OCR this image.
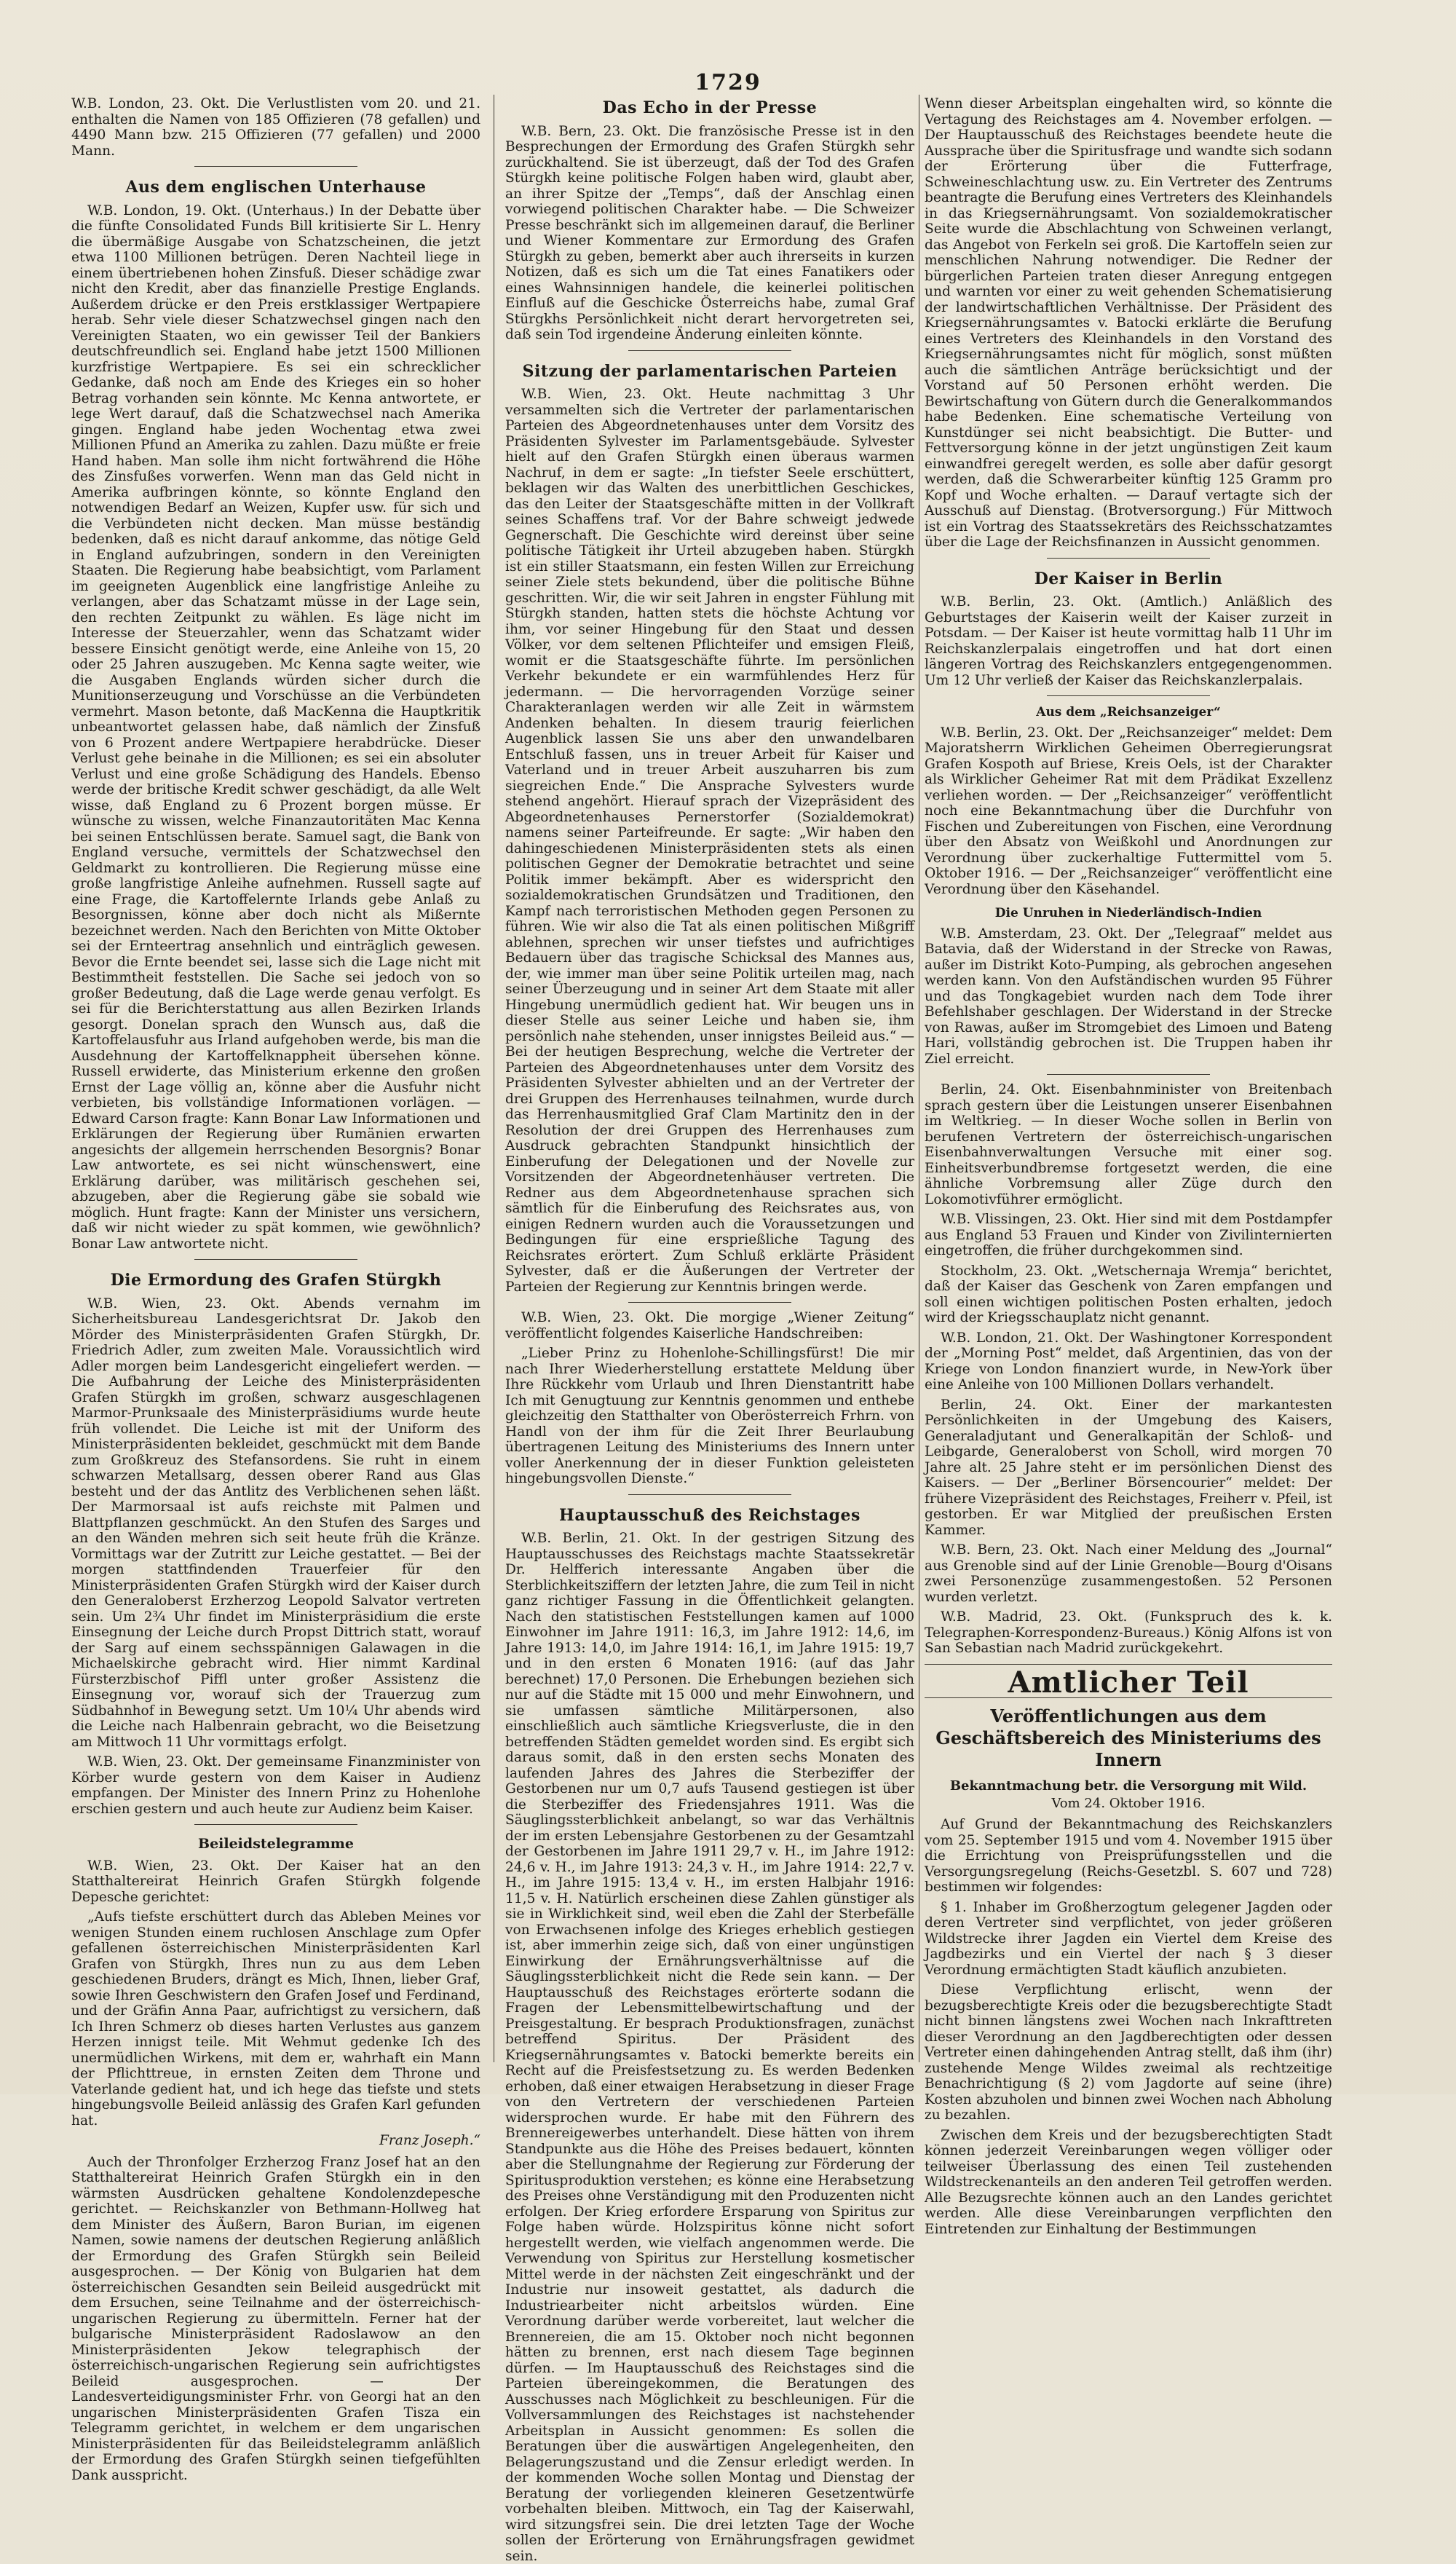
1729

W.B. London, 23. Okt. Die Verlustlisten vom 20. und 21. enthalten die Namen von 185 Offizieren (78 gefallen) und 4490 Mann bzw. 215 Offizieren (77 gefallen) und 2000 Mann.

Aus dem englischen Unterhause

W.B. London, 19. Okt. (Unterhaus.) In der Debatte über die fünfte Consolidated Funds Bill kritisierte Sir L. Henry die übermäßige Ausgabe von Schatzscheinen, die jetzt etwa 1100 Millionen betrügen. Deren Nachteil liege in einem übertriebenen hohen Zinsfuß. Dieser schädige zwar nicht den Kredit, aber das finanzielle Prestige Englands. Außerdem drücke er den Preis erstklassiger Wertpapiere herab. Sehr viele dieser Schatzwechsel gingen nach den Vereinigten Staaten, wo ein gewisser Teil der Bankiers deutschfreundlich sei. England habe jetzt 1500 Millionen kurzfristige Wertpapiere. Es sei ein schrecklicher Gedanke, daß noch am Ende des Krieges ein so hoher Betrag vorhanden sein könnte. Mc Kenna antwortete, er lege Wert darauf, daß die Schatzwechsel nach Amerika gingen. England habe jeden Wochentag etwa zwei Millionen Pfund an Amerika zu zahlen. Dazu müßte er freie Hand haben. Man solle ihm nicht fortwährend die Höhe des Zinsfußes vorwerfen. Wenn man das Geld nicht in Amerika aufbringen könnte, so könnte England den notwendigen Bedarf an Weizen, Kupfer usw. für sich und die Verbündeten nicht decken. Man müsse beständig bedenken, daß es nicht darauf ankomme, das nötige Geld in England aufzubringen, sondern in den Vereinigten Staaten. Die Regierung habe beabsichtigt, vom Parlament im geeigneten Augenblick eine langfristige Anleihe zu verlangen, aber das Schatzamt müsse in der Lage sein, den rechten Zeitpunkt zu wählen. Es läge nicht im Interesse der Steuerzahler, wenn das Schatzamt wider bessere Einsicht genötigt werde, eine Anleihe von 15, 20 oder 25 Jahren auszugeben. Mc Kenna sagte weiter, wie die Ausgaben Englands würden sicher durch die Munitionserzeugung und Vorschüsse an die Verbündeten vermehrt. Mason betonte, daß MacKenna die Hauptkritik unbeantwortet gelassen habe, daß nämlich der Zinsfuß von 6 Prozent andere Wertpapiere herabdrücke. Dieser Verlust gehe beinahe in die Millionen; es sei ein absoluter Verlust und eine große Schädigung des Handels. Ebenso werde der britische Kredit schwer geschädigt, da alle Welt wisse, daß England zu 6 Prozent borgen müsse. Er wünsche zu wissen, welche Finanzautoritäten Mac Kenna bei seinen Entschlüssen berate. Samuel sagt, die Bank von England versuche, vermittels der Schatzwechsel den Geldmarkt zu kontrollieren. Die Regierung müsse eine große langfristige Anleihe aufnehmen. Russell sagte auf eine Frage, die Kartoffelernte Irlands gebe Anlaß zu Besorgnissen, könne aber doch nicht als Mißernte bezeichnet werden. Nach den Berichten von Mitte Oktober sei der Ernteertrag ansehnlich und einträglich gewesen. Bevor die Ernte beendet sei, lasse sich die Lage nicht mit Bestimmtheit feststellen. Die Sache sei jedoch von so großer Bedeutung, daß die Lage werde genau verfolgt. Es sei für die Berichterstattung aus allen Bezirken Irlands gesorgt. Donelan sprach den Wunsch aus, daß die Kartoffelausfuhr aus Irland aufgehoben werde, bis man die Ausdehnung der Kartoffelknappheit übersehen könne. Russell erwiderte, das Ministerium erkenne den großen Ernst der Lage völlig an, könne aber die Ausfuhr nicht verbieten, bis vollständige Informationen vorlägen. — Edward Carson fragte: Kann Bonar Law Informationen und Erklärungen der Regierung über Rumänien erwarten angesichts der allgemein herrschenden Besorgnis? Bonar Law antwortete, es sei nicht wünschenswert, eine Erklärung darüber, was militärisch geschehen sei, abzugeben, aber die Regierung gäbe sie sobald wie möglich. Hunt fragte: Kann der Minister uns versichern, daß wir nicht wieder zu spät kommen, wie gewöhnlich? Bonar Law antwortete nicht.

Die Ermordung des Grafen Stürgkh

W.B. Wien, 23. Okt. Abends vernahm im Sicherheitsbureau Landesgerichtsrat Dr. Jakob den Mörder des Ministerpräsidenten Grafen Stürgkh, Dr. Friedrich Adler, zum zweiten Male. Voraussichtlich wird Adler morgen beim Landesgericht eingeliefert werden. — Die Aufbahrung der Leiche des Ministerpräsidenten Grafen Stürgkh im großen, schwarz ausgeschlagenen Marmor-Prunksaale des Ministerpräsidiums wurde heute früh vollendet. Die Leiche ist mit der Uniform des Ministerpräsidenten bekleidet, geschmückt mit dem Bande zum Großkreuz des Stefansordens. Sie ruht in einem schwarzen Metallsarg, dessen oberer Rand aus Glas besteht und der das Antlitz des Verblichenen sehen läßt. Der Marmorsaal ist aufs reichste mit Palmen und Blattpflanzen geschmückt. An den Stufen des Sarges und an den Wänden mehren sich seit heute früh die Kränze. Vormittags war der Zutritt zur Leiche gestattet. — Bei der morgen stattfindenden Trauerfeier für den Ministerpräsidenten Grafen Stürgkh wird der Kaiser durch den Generaloberst Erzherzog Leopold Salvator vertreten sein. Um 2¾ Uhr findet im Ministerpräsidium die erste Einsegnung der Leiche durch Propst Dittrich statt, worauf der Sarg auf einem sechsspännigen Galawagen in die Michaelskirche gebracht wird. Hier nimmt Kardinal Fürsterzbischof Piffl unter großer Assistenz die Einsegnung vor, worauf sich der Trauerzug zum Südbahnhof in Bewegung setzt. Um 10¼ Uhr abends wird die Leiche nach Halbenrain gebracht, wo die Beisetzung am Mittwoch 11 Uhr vormittags erfolgt.

W.B. Wien, 23. Okt. Der gemeinsame Finanzminister von Körber wurde gestern von dem Kaiser in Audienz empfangen. Der Minister des Innern Prinz zu Hohenlohe erschien gestern und auch heute zur Audienz beim Kaiser.

Beileidstelegramme

W.B. Wien, 23. Okt. Der Kaiser hat an den Statthaltereirat Heinrich Grafen Stürgkh folgende Depesche gerichtet:

„Aufs tiefste erschüttert durch das Ableben Meines vor wenigen Stunden einem ruchlosen Anschlage zum Opfer gefallenen österreichischen Ministerpräsidenten Karl Grafen von Stürgkh, Ihres nun zu aus dem Leben geschiedenen Bruders, drängt es Mich, Ihnen, lieber Graf, sowie Ihren Geschwistern den Grafen Josef und Ferdinand, und der Gräfin Anna Paar, aufrichtigst zu versichern, daß Ich Ihren Schmerz ob dieses harten Verlustes aus ganzem Herzen innigst teile. Mit Wehmut gedenke Ich des unermüdlichen Wirkens, mit dem er, wahrhaft ein Mann der Pflichttreue, in ernsten Zeiten dem Throne und Vaterlande gedient hat, und ich hege das tiefste und stets hingebungsvolle Beileid anlässig des Grafen Karl gefunden hat.

Franz Joseph.“

Auch der Thronfolger Erzherzog Franz Josef hat an den Statthaltereirat Heinrich Grafen Stürgkh ein in den wärmsten Ausdrücken gehaltene Kondolenzdepesche gerichtet. — Reichskanzler von Bethmann-Hollweg hat dem Minister des Äußern, Baron Burian, im eigenen Namen, sowie namens der deutschen Regierung anläßlich der Ermordung des Grafen Stürgkh sein Beileid ausgesprochen. — Der König von Bulgarien hat dem österreichischen Gesandten sein Beileid ausgedrückt mit dem Ersuchen, seine Teilnahme and der österreichisch-ungarischen Regierung zu übermitteln. Ferner hat der bulgarische Ministerpräsident Radoslawow an den Ministerpräsidenten Jekow telegraphisch der österreichisch-ungarischen Regierung sein aufrichtigstes Beileid ausgesprochen. — Der Landesverteidigungsminister Frhr. von Georgi hat an den ungarischen Ministerpräsidenten Grafen Tisza ein Telegramm gerichtet, in welchem er dem ungarischen Ministerpräsidenten für das Beileidstelegramm anläßlich der Ermordung des Grafen Stürgkh seinen tiefgefühlten Dank ausspricht.

Das Echo in der Presse

W.B. Bern, 23. Okt. Die französische Presse ist in den Besprechungen der Ermordung des Grafen Stürgkh sehr zurückhaltend. Sie ist überzeugt, daß der Tod des Grafen Stürgkh keine politische Folgen haben wird, glaubt aber, an ihrer Spitze der „Temps“, daß der Anschlag einen vorwiegend politischen Charakter habe. — Die Schweizer Presse beschränkt sich im allgemeinen darauf, die Berliner und Wiener Kommentare zur Ermordung des Grafen Stürgkh zu geben, bemerkt aber auch ihrerseits in kurzen Notizen, daß es sich um die Tat eines Fanatikers oder eines Wahnsinnigen handele, die keinerlei politischen Einfluß auf die Geschicke Österreichs habe, zumal Graf Stürgkhs Persönlichkeit nicht derart hervorgetreten sei, daß sein Tod irgendeine Änderung einleiten könnte.

Sitzung der parlamentarischen Parteien

W.B. Wien, 23. Okt. Heute nachmittag 3 Uhr versammelten sich die Vertreter der parlamentarischen Parteien des Abgeordnetenhauses unter dem Vorsitz des Präsidenten Sylvester im Parlamentsgebäude. Sylvester hielt auf den Grafen Stürgkh einen überaus warmen Nachruf, in dem er sagte: „In tiefster Seele erschüttert, beklagen wir das Walten des unerbittlichen Geschickes, das den Leiter der Staatsgeschäfte mitten in der Vollkraft seines Schaffens traf. Vor der Bahre schweigt jedwede Gegnerschaft. Die Geschichte wird dereinst über seine politische Tätigkeit ihr Urteil abzugeben haben. Stürgkh ist ein stiller Staatsmann, ein festen Willen zur Erreichung seiner Ziele stets bekundend, über die politische Bühne geschritten. Wir, die wir seit Jahren in engster Fühlung mit Stürgkh standen, hatten stets die höchste Achtung vor ihm, vor seiner Hingebung für den Staat und dessen Völker, vor dem seltenen Pflichteifer und emsigen Fleiß, womit er die Staatsgeschäfte führte. Im persönlichen Verkehr bekundete er ein warmfühlendes Herz für jedermann. — Die hervorragenden Vorzüge seiner Charakteranlagen werden wir alle Zeit in wärmstem Andenken behalten. In diesem traurig feierlichen Augenblick lassen Sie uns aber den unwandelbaren Entschluß fassen, uns in treuer Arbeit für Kaiser und Vaterland und in treuer Arbeit auszuharren bis zum siegreichen Ende.“ Die Ansprache Sylvesters wurde stehend angehört. Hierauf sprach der Vizepräsident des Abgeordnetenhauses Pernerstorfer (Sozialdemokrat) namens seiner Parteifreunde. Er sagte: „Wir haben den dahingeschiedenen Ministerpräsidenten stets als einen politischen Gegner der Demokratie betrachtet und seine Politik immer bekämpft. Aber es widerspricht den sozialdemokratischen Grundsätzen und Traditionen, den Kampf nach terroristischen Methoden gegen Personen zu führen. Wie wir also die Tat als einen politischen Mißgriff ablehnen, sprechen wir unser tiefstes und aufrichtiges Bedauern über das tragische Schicksal des Mannes aus, der, wie immer man über seine Politik urteilen mag, nach seiner Überzeugung und in seiner Art dem Staate mit aller Hingebung unermüdlich gedient hat. Wir beugen uns in dieser Stelle aus seiner Leiche und haben sie, ihm persönlich nahe stehenden, unser innigstes Beileid aus.“ — Bei der heutigen Besprechung, welche die Vertreter der Parteien des Abgeordnetenhauses unter dem Vorsitz des Präsidenten Sylvester abhielten und an der Vertreter der drei Gruppen des Herrenhauses teilnahmen, wurde durch das Herrenhausmitglied Graf Clam Martinitz den in der Resolution der drei Gruppen des Herrenhauses zum Ausdruck gebrachten Standpunkt hinsichtlich der Einberufung der Delegationen und der Novelle zur Vorsitzenden der Abgeordnetenhäuser vertreten. Die Redner aus dem Abgeordnetenhause sprachen sich sämtlich für die Einberufung des Reichsrates aus, von einigen Rednern wurden auch die Voraussetzungen und Bedingungen für eine ersprießliche Tagung des Reichsrates erörtert. Zum Schluß erklärte Präsident Sylvester, daß er die Äußerungen der Vertreter der Parteien der Regierung zur Kenntnis bringen werde.

W.B. Wien, 23. Okt. Die morgige „Wiener Zeitung“ veröffentlicht folgendes Kaiserliche Handschreiben:

„Lieber Prinz zu Hohenlohe-Schillingsfürst! Die mir nach Ihrer Wiederherstellung erstattete Meldung über Ihre Rückkehr vom Urlaub und Ihren Dienstantritt habe Ich mit Genugtuung zur Kenntnis genommen und enthebe gleichzeitig den Statthalter von Oberösterreich Frhrn. von Handl von der ihm für die Zeit Ihrer Beurlaubung übertragenen Leitung des Ministeriums des Innern unter voller Anerkennung der in dieser Funktion geleisteten hingebungsvollen Dienste.“

Hauptausschuß des Reichstages

W.B. Berlin, 21. Okt. In der gestrigen Sitzung des Hauptausschusses des Reichstags machte Staatssekretär Dr. Helfferich interessante Angaben über die Sterblichkeitsziffern der letzten Jahre, die zum Teil in nicht ganz richtiger Fassung in die Öffentlichkeit gelangten. Nach den statistischen Feststellungen kamen auf 1000 Einwohner im Jahre 1911: 16,3, im Jahre 1912: 14,6, im Jahre 1913: 14,0, im Jahre 1914: 16,1, im Jahre 1915: 19,7 und in den ersten 6 Monaten 1916: (auf das Jahr berechnet) 17,0 Personen. Die Erhebungen beziehen sich nur auf die Städte mit 15 000 und mehr Einwohnern, und sie umfassen sämtliche Militärpersonen, also einschließlich auch sämtliche Kriegsverluste, die in den betreffenden Städten gemeldet worden sind. Es ergibt sich daraus somit, daß in den ersten sechs Monaten des laufenden Jahres des Jahres die Sterbeziffer der Gestorbenen nur um 0,7 aufs Tausend gestiegen ist über die Sterbeziffer des Friedensjahres 1911. Was die Säuglingssterblichkeit anbelangt, so war das Verhältnis der im ersten Lebensjahre Gestorbenen zu der Gesamtzahl der Gestorbenen im Jahre 1911 29,7 v. H., im Jahre 1912: 24,6 v. H., im Jahre 1913: 24,3 v. H., im Jahre 1914: 22,7 v. H., im Jahre 1915: 13,4 v. H., im ersten Halbjahr 1916: 11,5 v. H. Natürlich erscheinen diese Zahlen günstiger als sie in Wirklichkeit sind, weil eben die Zahl der Sterbefälle von Erwachsenen infolge des Krieges erheblich gestiegen ist, aber immerhin zeige sich, daß von einer ungünstigen Einwirkung der Ernährungsverhältnisse auf die Säuglingssterblichkeit nicht die Rede sein kann. — Der Hauptausschuß des Reichstages erörterte sodann die Fragen der Lebensmittelbewirtschaftung und der Preisgestaltung. Er besprach Produktionsfragen, zunächst betreffend Spiritus. Der Präsident des Kriegsernährungsamtes v. Batocki bemerkte bereits ein Recht auf die Preisfestsetzung zu. Es werden Bedenken erhoben, daß einer etwaigen Herabsetzung in dieser Frage von den Vertretern der verschiedenen Parteien widersprochen wurde. Er habe mit den Führern des Brennereigewerbes unterhandelt. Diese hätten von ihrem Standpunkte aus die Höhe des Preises bedauert, könnten aber die Stellungnahme der Regierung zur Förderung der Spiritusproduktion verstehen; es könne eine Herabsetzung des Preises ohne Verständigung mit den Produzenten nicht erfolgen. Der Krieg erfordere Ersparung von Spiritus zur Folge haben würde. Holzspiritus könne nicht sofort hergestellt werden, wie vielfach angenommen werde. Die Verwendung von Spiritus zur Herstellung kosmetischer Mittel werde in der nächsten Zeit eingeschränkt und der Industrie nur insoweit gestattet, als dadurch die Industriearbeiter nicht arbeitslos würden. Eine Verordnung darüber werde vorbereitet, laut welcher die Brennereien, die am 15. Oktober noch nicht begonnen hätten zu brennen, erst nach diesem Tage beginnen dürfen. — Im Hauptausschuß des Reichstages sind die Parteien übereingekommen, die Beratungen des Ausschusses nach Möglichkeit zu beschleunigen. Für die Vollversammlungen des Reichstages ist nachstehender Arbeitsplan in Aussicht genommen: Es sollen die Beratungen über die auswärtigen Angelegenheiten, den Belagerungszustand und die Zensur erledigt werden. In der kommenden Woche sollen Montag und Dienstag der Beratung der vorliegenden kleineren Gesetzentwürfe vorbehalten bleiben. Mittwoch, ein Tag der Kaiserwahl, wird sitzungsfrei sein. Die drei letzten Tage der Woche sollen der Erörterung von Ernährungsfragen gewidmet sein.

Wenn dieser Arbeitsplan eingehalten wird, so könnte die Vertagung des Reichstages am 4. November erfolgen. — Der Hauptausschuß des Reichstages beendete heute die Aussprache über die Spiritusfrage und wandte sich sodann der Erörterung über die Futterfrage, Schweineschlachtung usw. zu. Ein Vertreter des Zentrums beantragte die Berufung eines Vertreters des Kleinhandels in das Kriegsernährungsamt. Von sozialdemokratischer Seite wurde die Abschlachtung von Schweinen verlangt, das Angebot von Ferkeln sei groß. Die Kartoffeln seien zur menschlichen Nahrung notwendiger. Die Redner der bürgerlichen Parteien traten dieser Anregung entgegen und warnten vor einer zu weit gehenden Schematisierung der landwirtschaftlichen Verhältnisse. Der Präsident des Kriegsernährungsamtes v. Batocki erklärte die Berufung eines Vertreters des Kleinhandels in den Vorstand des Kriegsernährungsamtes nicht für möglich, sonst müßten auch die sämtlichen Anträge berücksichtigt und der Vorstand auf 50 Personen erhöht werden. Die Bewirtschaftung von Gütern durch die Generalkommandos habe Bedenken. Eine schematische Verteilung von Kunstdünger sei nicht beabsichtigt. Die Butter- und Fettversorgung könne in der jetzt ungünstigen Zeit kaum einwandfrei geregelt werden, es solle aber dafür gesorgt werden, daß die Schwerarbeiter künftig 125 Gramm pro Kopf und Woche erhalten. — Darauf vertagte sich der Ausschuß auf Dienstag. (Brotversorgung.) Für Mittwoch ist ein Vortrag des Staatssekretärs des Reichsschatzamtes über die Lage der Reichsfinanzen in Aussicht genommen.

Der Kaiser in Berlin

W.B. Berlin, 23. Okt. (Amtlich.) Anläßlich des Geburtstages der Kaiserin weilt der Kaiser zurzeit in Potsdam. — Der Kaiser ist heute vormittag halb 11 Uhr im Reichskanzlerpalais eingetroffen und hat dort einen längeren Vortrag des Reichskanzlers entgegengenommen. Um 12 Uhr verließ der Kaiser das Reichskanzlerpalais.

Aus dem „Reichsanzeiger“

W.B. Berlin, 23. Okt. Der „Reichsanzeiger“ meldet: Dem Majoratsherrn Wirklichen Geheimen Oberregierungsrat Grafen Kospoth auf Briese, Kreis Oels, ist der Charakter als Wirklicher Geheimer Rat mit dem Prädikat Exzellenz verliehen worden. — Der „Reichsanzeiger“ veröffentlicht noch eine Bekanntmachung über die Durchfuhr von Fischen und Zubereitungen von Fischen, eine Verordnung über den Absatz von Weißkohl und Anordnungen zur Verordnung über zuckerhaltige Futtermittel vom 5. Oktober 1916. — Der „Reichsanzeiger“ veröffentlicht eine Verordnung über den Käsehandel.

Die Unruhen in Niederländisch-Indien

W.B. Amsterdam, 23. Okt. Der „Telegraaf“ meldet aus Batavia, daß der Widerstand in der Strecke von Rawas, außer im Distrikt Koto-Pumping, als gebrochen angesehen werden kann. Von den Aufständischen wurden 95 Führer und das Tongkagebiet wurden nach dem Tode ihrer Befehlshaber geschlagen. Der Widerstand in der Strecke von Rawas, außer im Stromgebiet des Limoen und Bateng Hari, vollständig gebrochen ist. Die Truppen haben ihr Ziel erreicht.

Berlin, 24. Okt. Eisenbahnminister von Breitenbach sprach gestern über die Leistungen unserer Eisenbahnen im Weltkrieg. — In dieser Woche sollen in Berlin von berufenen Vertretern der österreichisch-ungarischen Eisenbahnverwaltungen Versuche mit einer sog. Einheitsverbundbremse fortgesetzt werden, die eine ähnliche Vorbremsung aller Züge durch den Lokomotivführer ermöglicht.

W.B. Vlissingen, 23. Okt. Hier sind mit dem Postdampfer aus England 53 Frauen und Kinder von Zivilinternierten eingetroffen, die früher durchgekommen sind.

Stockholm, 23. Okt. „Wetschernaja Wremja“ berichtet, daß der Kaiser das Geschenk von Zaren empfangen und soll einen wichtigen politischen Posten erhalten, jedoch wird der Kriegsschauplatz nicht genannt.

W.B. London, 21. Okt. Der Washingtoner Korrespondent der „Morning Post“ meldet, daß Argentinien, das von der Kriege von London finanziert wurde, in New-York über eine Anleihe von 100 Millionen Dollars verhandelt.

Berlin, 24. Okt. Einer der markantesten Persönlichkeiten in der Umgebung des Kaisers, Generaladjutant und Generalkapitän der Schloß- und Leibgarde, Generaloberst von Scholl, wird morgen 70 Jahre alt. 25 Jahre steht er im persönlichen Dienst des Kaisers. — Der „Berliner Börsencourier“ meldet: Der frühere Vizepräsident des Reichstages, Freiherr v. Pfeil, ist gestorben. Er war Mitglied der preußischen Ersten Kammer.

W.B. Bern, 23. Okt. Nach einer Meldung des „Journal“ aus Grenoble sind auf der Linie Grenoble—Bourg d'Oisans zwei Personenzüge zusammengestoßen. 52 Personen wurden verletzt.

W.B. Madrid, 23. Okt. (Funkspruch des k. k. Telegraphen-Korrespondenz-Bureaus.) König Alfons ist von San Sebastian nach Madrid zurückgekehrt.

Amtlicher Teil
Veröffentlichungen aus dem Geschäftsbereich des Ministeriums des Innern
Bekanntmachung betr. die Versorgung mit Wild.
Vom 24. Oktober 1916.

Auf Grund der Bekanntmachung des Reichskanzlers vom 25. September 1915 und vom 4. November 1915 über die Errichtung von Preisprüfungsstellen und die Versorgungsregelung (Reichs-Gesetzbl. S. 607 und 728) bestimmen wir folgendes:

§ 1. Inhaber im Großherzogtum gelegener Jagden oder deren Vertreter sind verpflichtet, von jeder größeren Wildstrecke ihrer Jagden ein Viertel dem Kreise des Jagdbezirks und ein Viertel der nach § 3 dieser Verordnung ermächtigten Stadt käuflich anzubieten.

Diese Verpflichtung erlischt, wenn der bezugsberechtigte Kreis oder die bezugsberechtigte Stadt nicht binnen längstens zwei Wochen nach Inkrafttreten dieser Verordnung an den Jagdberechtigten oder dessen Vertreter einen dahingehenden Antrag stellt, daß ihm (ihr) zustehende Menge Wildes zweimal als rechtzeitige Benachrichtigung (§ 2) vom Jagdorte auf seine (ihre) Kosten abzuholen und binnen zwei Wochen nach Abholung zu bezahlen.

Zwischen dem Kreis und der bezugsberechtigten Stadt können jederzeit Vereinbarungen wegen völliger oder teilweiser Überlassung des einen Teil zustehenden Wildstreckenanteils an den anderen Teil getroffen werden. Alle Bezugsrechte können auch an den Landes gerichtet werden. Alle diese Vereinbarungen verpflichten den Eintretenden zur Einhaltung der Bestimmungen
